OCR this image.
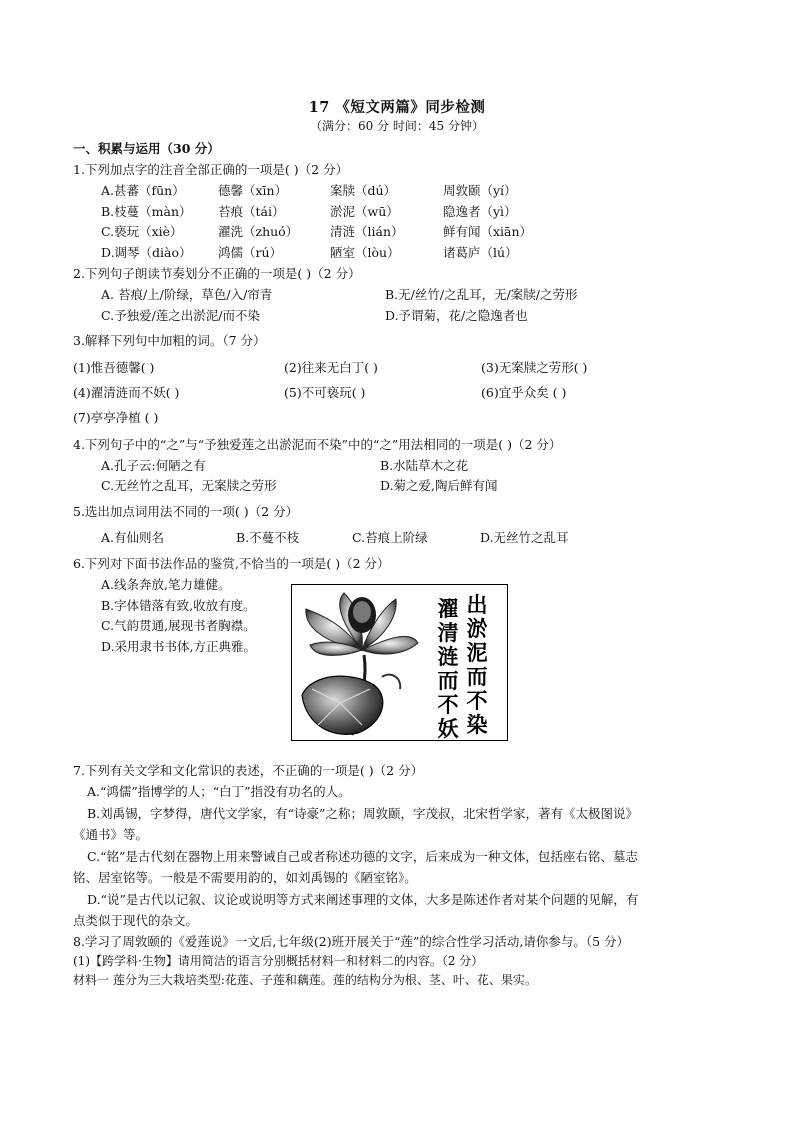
17 《短文两篇》同步检测
（满分：60 分 时间：45 分钟）
一、积累与运用（30 分）
1.下列加点字的注音全部正确的一项是( )（2 分）
A.甚蕃（fūn）	德馨（xīn）	案牍（dú）	周敦颐（yí）
B.枝蔓（màn） 苔痕（tái）	淤泥（wū）	隐逸者（yì）
C.亵玩（xiè）	濯洗（zhuó）	清涟（lián）	鲜有闻（xiān）
D.调琴（diào） 鸿儒（rú）	陋室（lòu）	诸葛庐（lú）
2.下列句子朗读节奏划分不正确的一项是( )（2 分）
A. 苔痕/上/阶绿，草色/入/帘青	B.无/丝竹/之乱耳，无/案牍/之劳形
C.予独爱/莲之出淤泥/而不染	D.予谓菊，花/之隐逸者也
3.解释下列句中加粗的词。（7 分）
(1)惟吾德馨( )	(2)往来无白丁( )	(3)无案牍之劳形( )
(4)濯清涟而不妖( )	(5)不可亵玩( )	(6)宜乎众矣 ( )
(7)亭亭净植 ( )
4.下列句子中的“之”与“予独爱莲之出淤泥而不染”中的“之”用法相同的一项是( )（2 分）
A.孔子云:何陋之有	B.水陆草木之花
C.无丝竹之乱耳，无案牍之劳形	D.菊之爱,陶后鲜有闻
5.选出加点词用法不同的一项( )（2 分）
A.有仙则名	B.不蔓不枝	C.苔痕上阶绿	D.无丝竹之乱耳
6.下列对下面书法作品的鉴赏,不恰当的一项是( )（2 分）
A.线条奔放,笔力雄健。
B.字体错落有致,收放有度。
C.气韵贯通,展现书者胸襟。
D.采用隶书书体,方正典雅。
出
淤
泥
而
不
染
濯
清
涟
而
不
妖
7.下列有关文学和文化常识的表述，不正确的一项是( )（2 分）
A.“鸿儒”指博学的人；“白丁”指没有功名的人。
B.刘禹锡，字梦得，唐代文学家，有“诗豪”之称；周敦颐，字茂叔，北宋哲学家，著有《太极图说》
《通书》等。
C.“铭”是古代刻在器物上用来警诫自己或者称述功德的文字，后来成为一种文体，包括座右铭、墓志
铭、居室铭等。一般是不需要用韵的，如刘禹锡的《陋室铭》。
D.“说”是古代以记叙、议论或说明等方式来阐述事理的文体，大多是陈述作者对某个问题的见解，有
点类似于现代的杂文。
8.学习了周敦颐的《爱莲说》一文后,七年级(2)班开展关于“莲”的综合性学习活动,请你参与。（5 分）
(1)【跨学科·生物】请用简洁的语言分别概括材料一和材料二的内容。（2 分）
材料一 莲分为三大栽培类型:花莲、子莲和藕莲。莲的结构分为根、茎、叶、花、果实。
